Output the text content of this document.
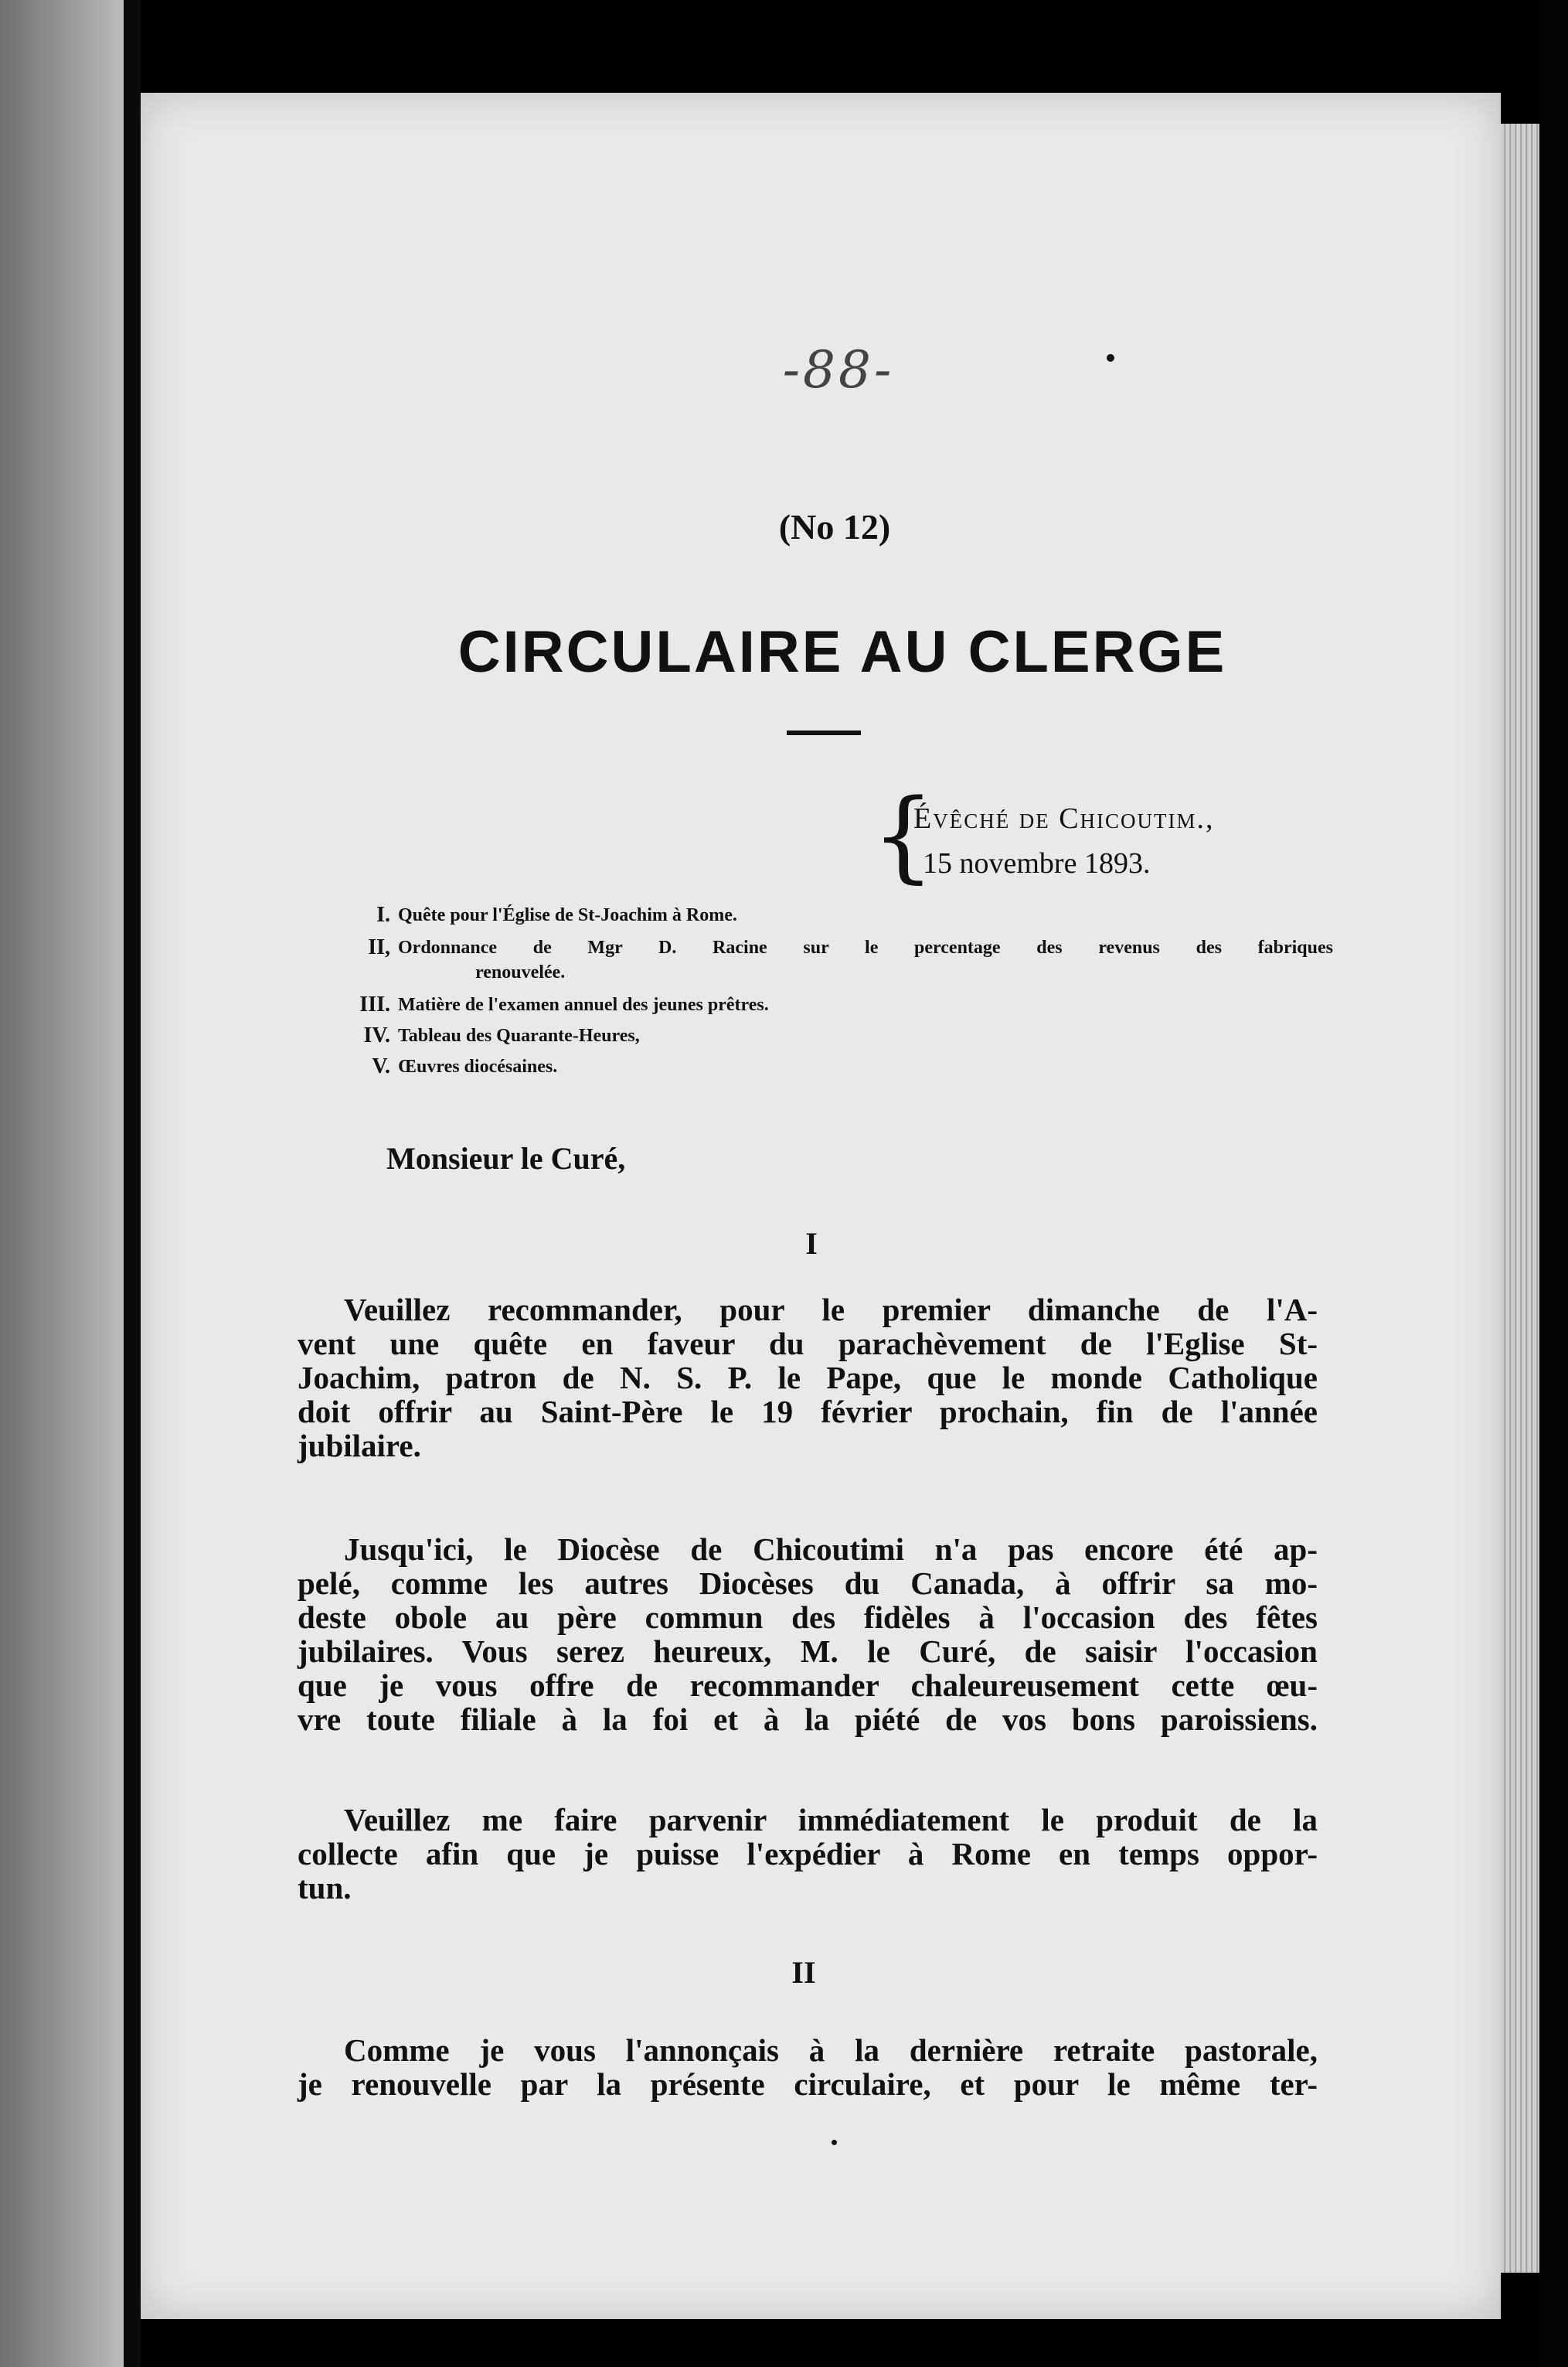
-88-
(No 12)
CIRCULAIRE AU CLERGE
{
Évêché de Chicoutim.,
15 novembre 1893.
I. Quête pour l'Église de St-Joachim à Rome.
II, Ordonnance de Mgr D. Racine sur le percentage des revenus des fabriques
renouvelée.
III. Matière de l'examen annuel des jeunes prêtres.
IV. Tableau des Quarante-Heures,
V. Œuvres diocésaines.
Monsieur le Curé,
I
Veuillez recommander, pour le premier dimanche de l'A-
vent une quête en faveur du parachèvement de l'Eglise St-
Joachim, patron de N. S. P. le Pape, que le monde Catholique
doit offrir au Saint-Père le 19 février prochain, fin de l'année
jubilaire.
Jusqu'ici, le Diocèse de Chicoutimi n'a pas encore été ap-
pelé, comme les autres Diocèses du Canada, à offrir sa mo-
deste obole au père commun des fidèles à l'occasion des fêtes
jubilaires. Vous serez heureux, M. le Curé, de saisir l'occasion
que je vous offre de recommander chaleureusement cette œu-
vre toute filiale à la foi et à la piété de vos bons paroissiens.
Veuillez me faire parvenir immédiatement le produit de la
collecte afin que je puisse l'expédier à Rome en temps oppor-
tun.
II
Comme je vous l'annonçais à la dernière retraite pastorale,
je renouvelle par la présente circulaire, et pour le même ter-
